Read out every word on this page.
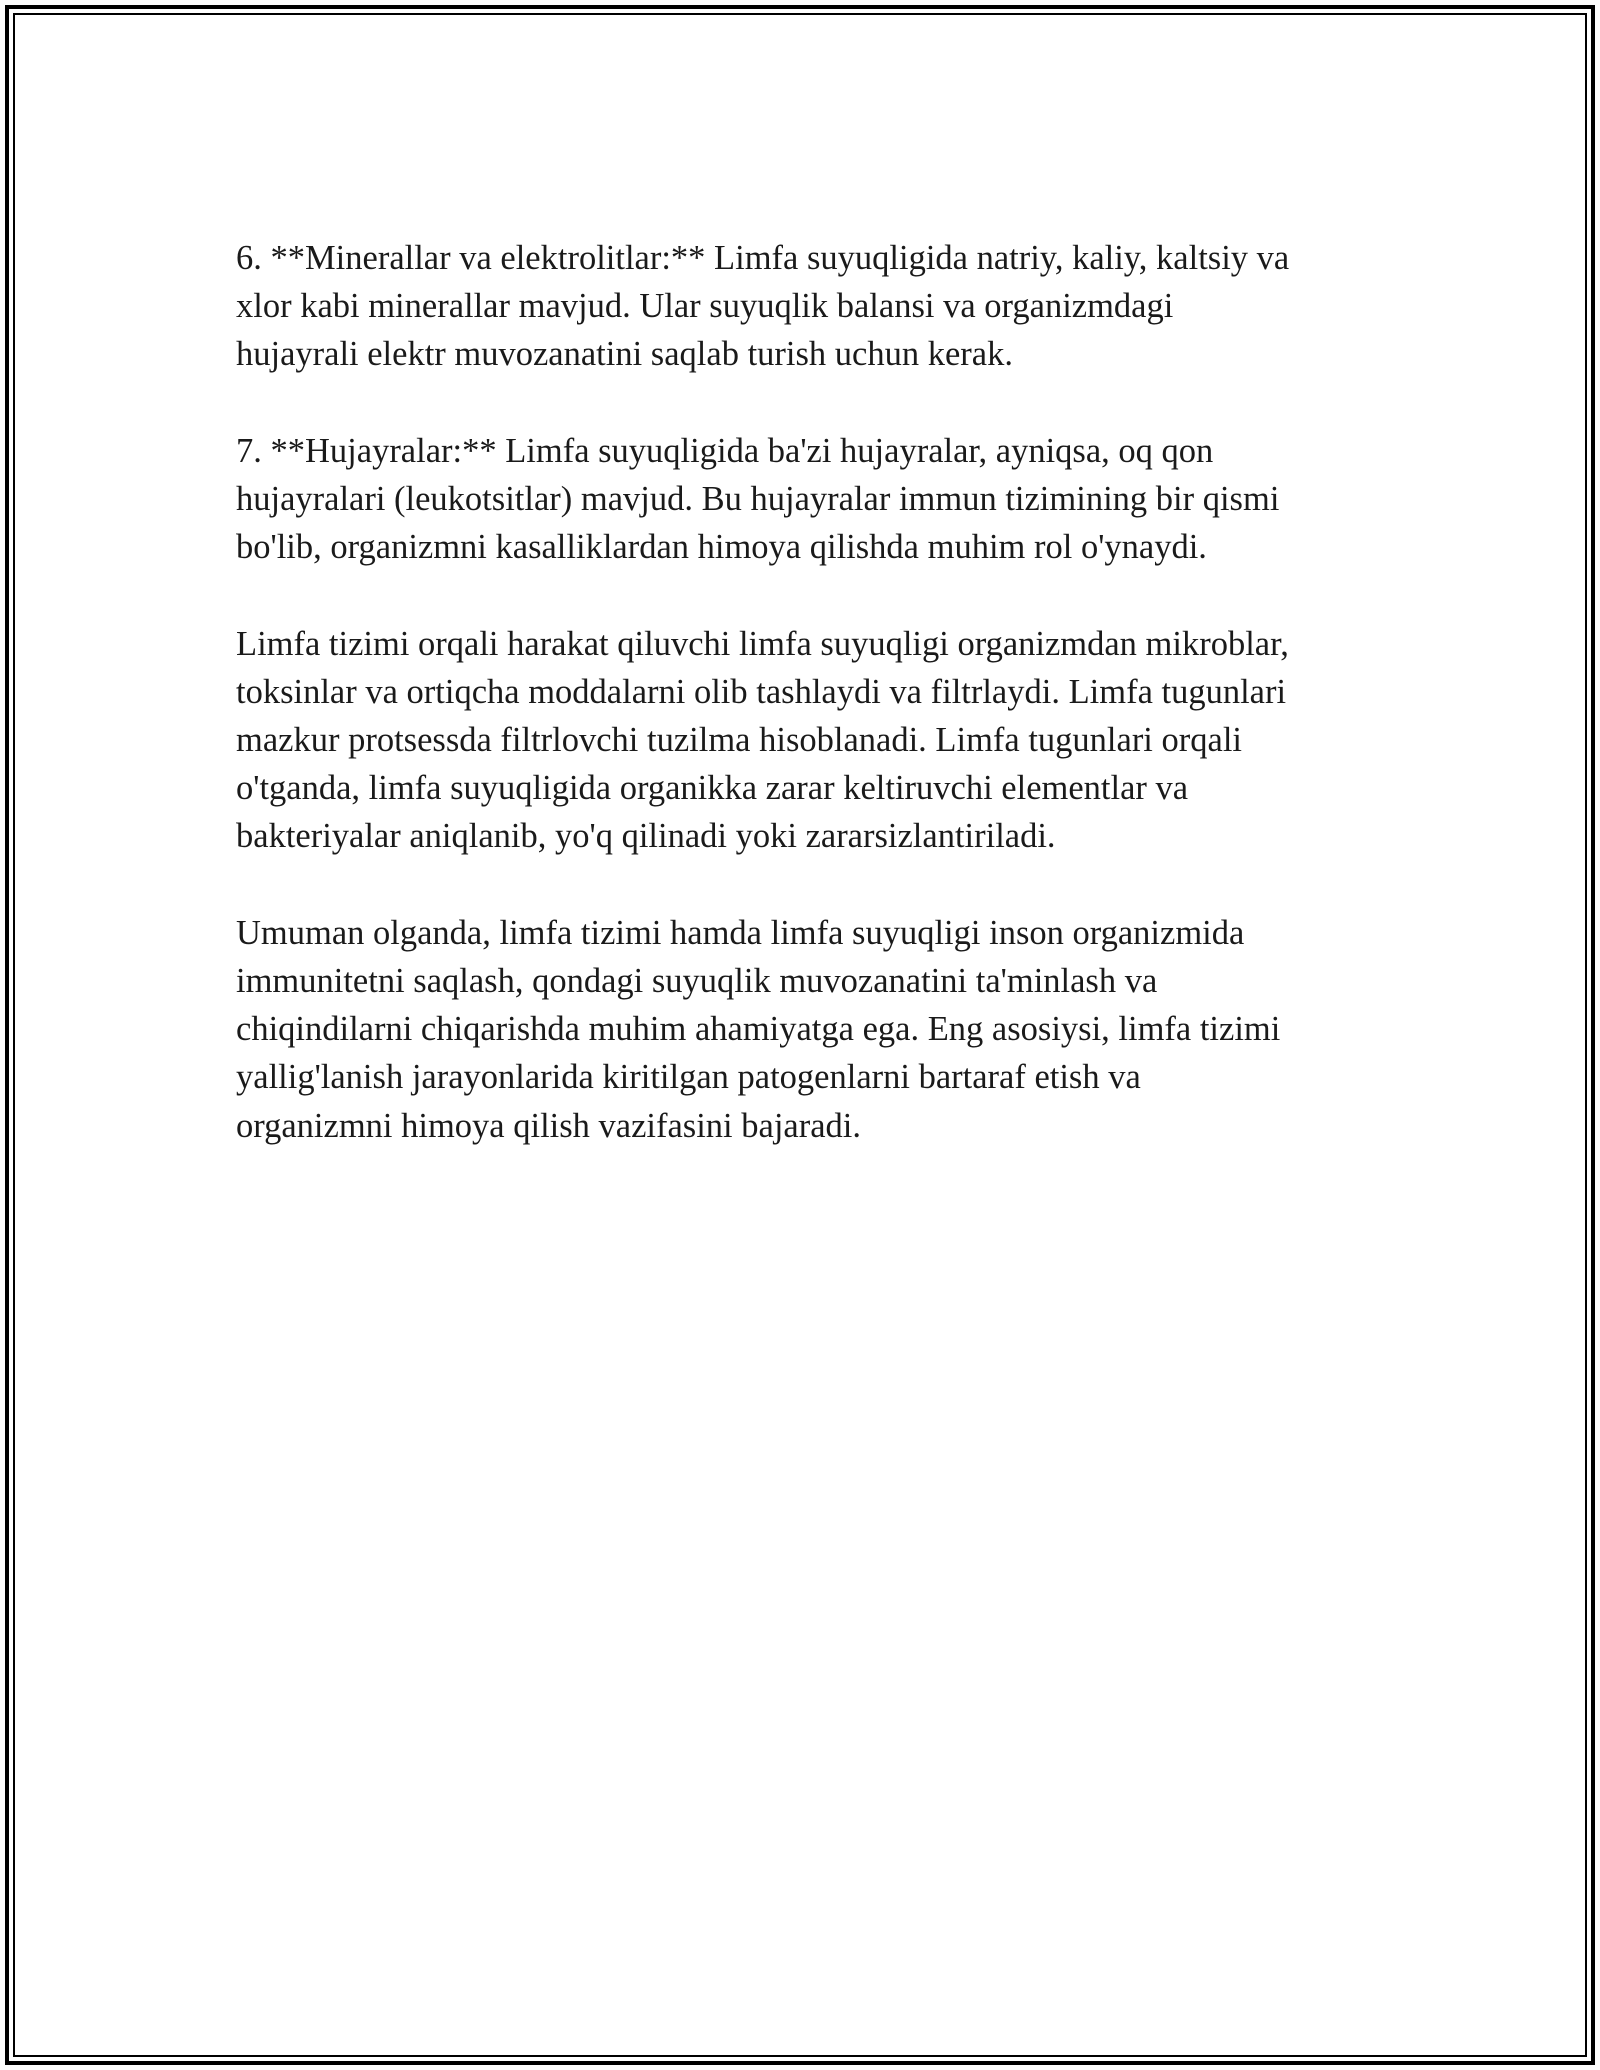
6. **Minerallar va elektrolitlar:** Limfa suyuqligida natriy, kaliy, kaltsiy va
xlor kabi minerallar mavjud. Ular suyuqlik balansi va organizmdagi
hujayrali elektr muvozanatini saqlab turish uchun kerak.

7. **Hujayralar:** Limfa suyuqligida ba'zi hujayralar, ayniqsa, oq qon
hujayralari (leukotsitlar) mavjud. Bu hujayralar immun tizimining bir qismi
bo'lib, organizmni kasalliklardan himoya qilishda muhim rol o'ynaydi.

Limfa tizimi orqali harakat qiluvchi limfa suyuqligi organizmdan mikroblar,
toksinlar va ortiqcha moddalarni olib tashlaydi va filtrlaydi. Limfa tugunlari
mazkur protsessda filtrlovchi tuzilma hisoblanadi. Limfa tugunlari orqali
o'tganda, limfa suyuqligida organikka zarar keltiruvchi elementlar va
bakteriyalar aniqlanib, yo'q qilinadi yoki zararsizlantiriladi.

Umuman olganda, limfa tizimi hamda limfa suyuqligi inson organizmida
immunitetni saqlash, qondagi suyuqlik muvozanatini ta'minlash va
chiqindilarni chiqarishda muhim ahamiyatga ega. Eng asosiysi, limfa tizimi
yallig'lanish jarayonlarida kiritilgan patogenlarni bartaraf etish va
organizmni himoya qilish vazifasini bajaradi.
